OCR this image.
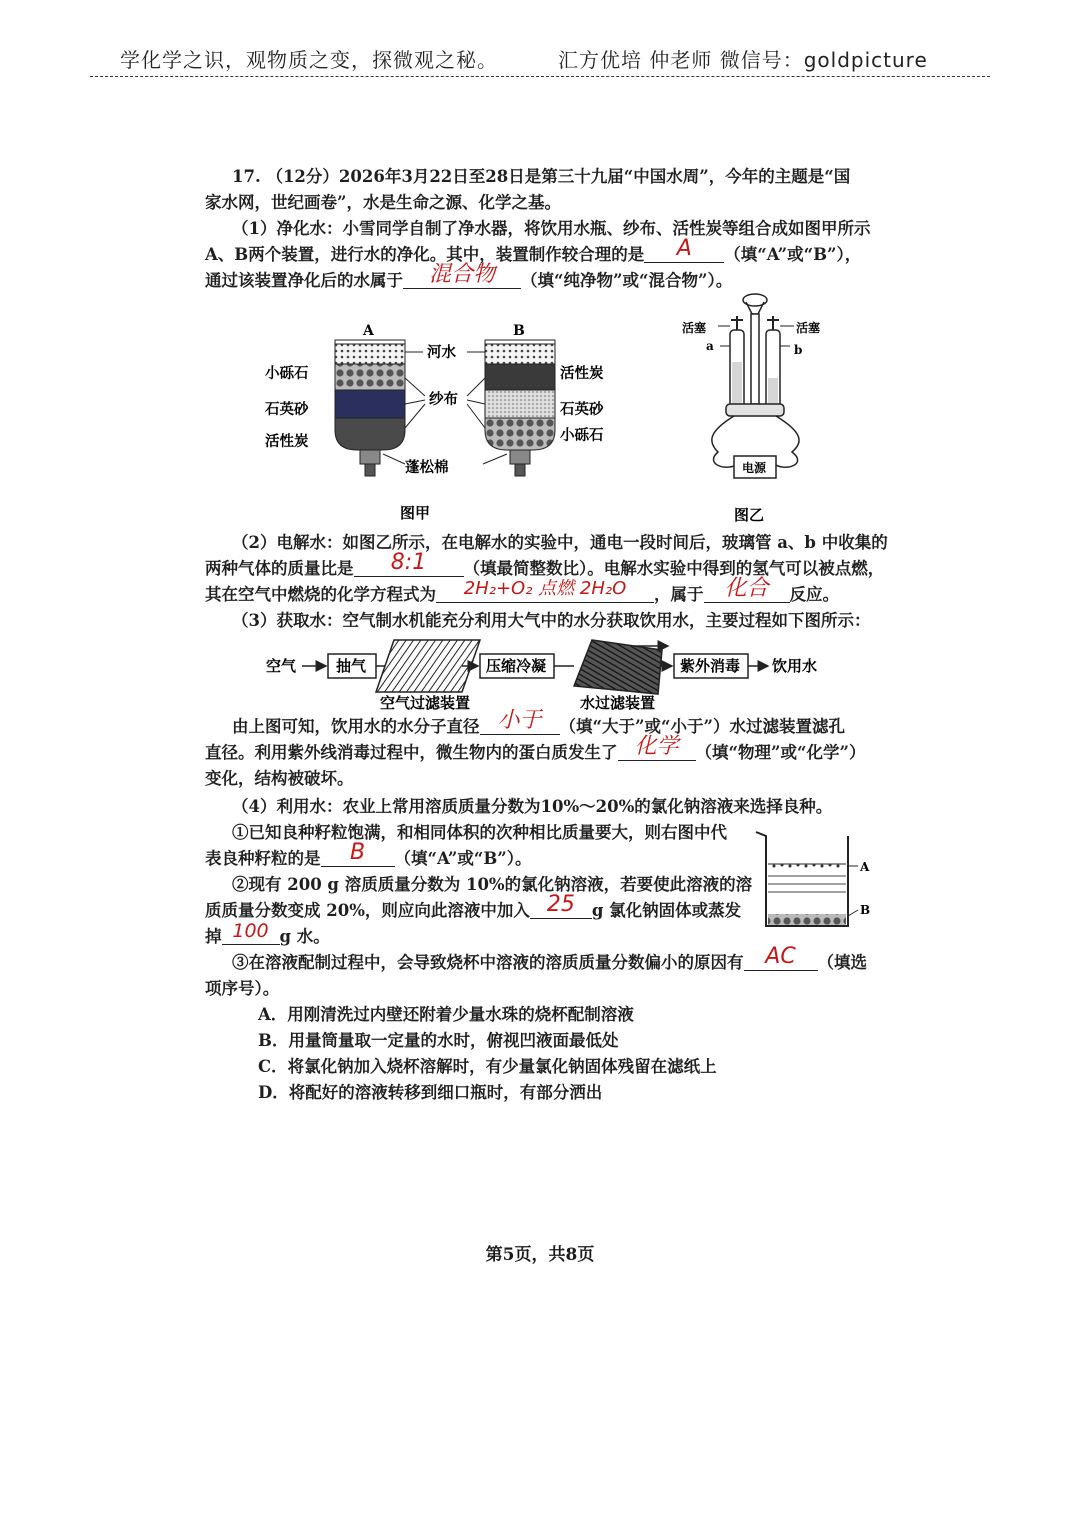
学化学之识，观物质之变，探微观之秘。	汇方优培 仲老师 微信号：goldpicture
17. （12分）2026年3月22日至28日是第三十九届“中国水周”，今年的主题是“国
家水网，世纪画卷”，水是生命之源、化学之基。
（1）净化水：小雪同学自制了净水器，将饮用水瓶、纱布、活性炭等组合成如图甲所示
A、B两个装置，进行水的净化。其中，装置制作较合理的是	A	（填“A”或“B”），
通过该装置净化后的水属于	混合物	（填“纯净物”或“混合物”）。
A	B
河水
纱布
蓬松棉
小砾石
石英砂
活性炭
活性炭
石英砂
小砾石
图甲
活塞	活塞
a	b
电源
图乙
（2）电解水：如图乙所示，在电解水的实验中，通电一段时间后，玻璃管 a、b 中收集的
两种气体的质量比是	8:1	（填最简整数比）。电解水实验中得到的氢气可以被点燃，
其在空气中燃烧的化学方程式为	2H₂+O₂ 点燃 2H₂O	，属于 化合	反应。
（3）获取水：空气制水机能充分利用大气中的水分获取饮用水，主要过程如下图所示：
空气	抽气	压缩冷凝	紫外消毒 饮用水
空气过滤装置	水过滤装置
由上图可知，饮用水的水分子直径 小于	（填“大于”或“小于”）水过滤装置滤孔
直径。利用紫外线消毒过程中，微生物内的蛋白质发生了 化学	（填“物理”或“化学”）
变化，结构被破坏。
（4）利用水：农业上常用溶质质量分数为10%～20%的氯化钠溶液来选择良种。
①已知良种籽粒饱满，和相同体积的次种相比质量要大，则右图中代
表良种籽粒的是	B	（填“A”或“B”）。
②现有 200 g 溶质质量分数为 10%的氯化钠溶液，若要使此溶液的溶
质质量分数变成 20%，则应向此溶液中加入 25	g 氯化钠固体或蒸发
掉 100 g 水。
A
B
③在溶液配制过程中，会导致烧杯中溶液的溶质质量分数偏小的原因有 AC	（填选
项序号）。
A．用刚清洗过内壁还附着少量水珠的烧杯配制溶液
B．用量筒量取一定量的水时，俯视凹液面最低处
C．将氯化钠加入烧杯溶解时，有少量氯化钠固体残留在滤纸上
D．将配好的溶液转移到细口瓶时，有部分洒出
第5页，共8页
